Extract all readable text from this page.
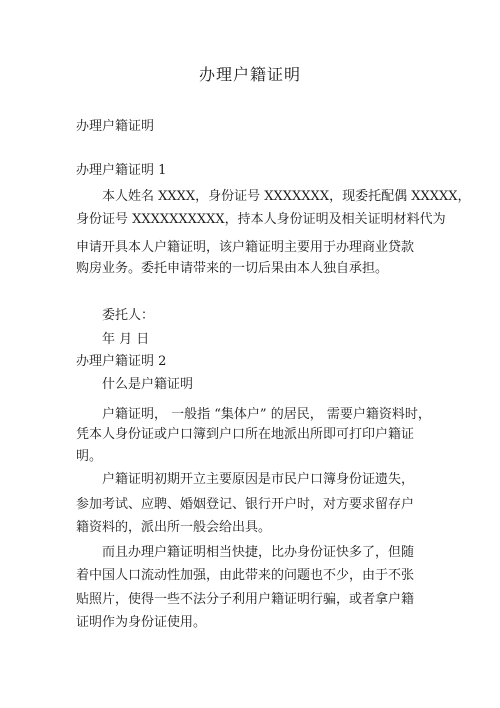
办理户籍证明
办理户籍证明
办理户籍证明 1
本人姓名 XXXX，身份证号 XXXXXXX，现委托配偶 XXXXX，
身份证号 XXXXXXXXXX，持本人身份证明及相关证明材料代为
申请开具本人户籍证明，该户籍证明主要用于办理商业贷款
购房业务。委托申请带来的一切后果由本人独自承担。
委托人：
年 月 日
办理户籍证明 2
什么是户籍证明
户籍证明， 一般指 “集体户” 的居民， 需要户籍资料时，
凭本人身份证或户口簿到户口所在地派出所即可打印户籍证
明。
户籍证明初期开立主要原因是市民户口簿身份证遗失，
参加考试、应聘、婚姻登记、银行开户时，对方要求留存户
籍资料的，派出所一般会给出具。
而且办理户籍证明相当快捷，比办身份证快多了，但随
着中国人口流动性加强，由此带来的问题也不少，由于不张
贴照片，使得一些不法分子利用户籍证明行骗，或者拿户籍
证明作为身份证使用。
